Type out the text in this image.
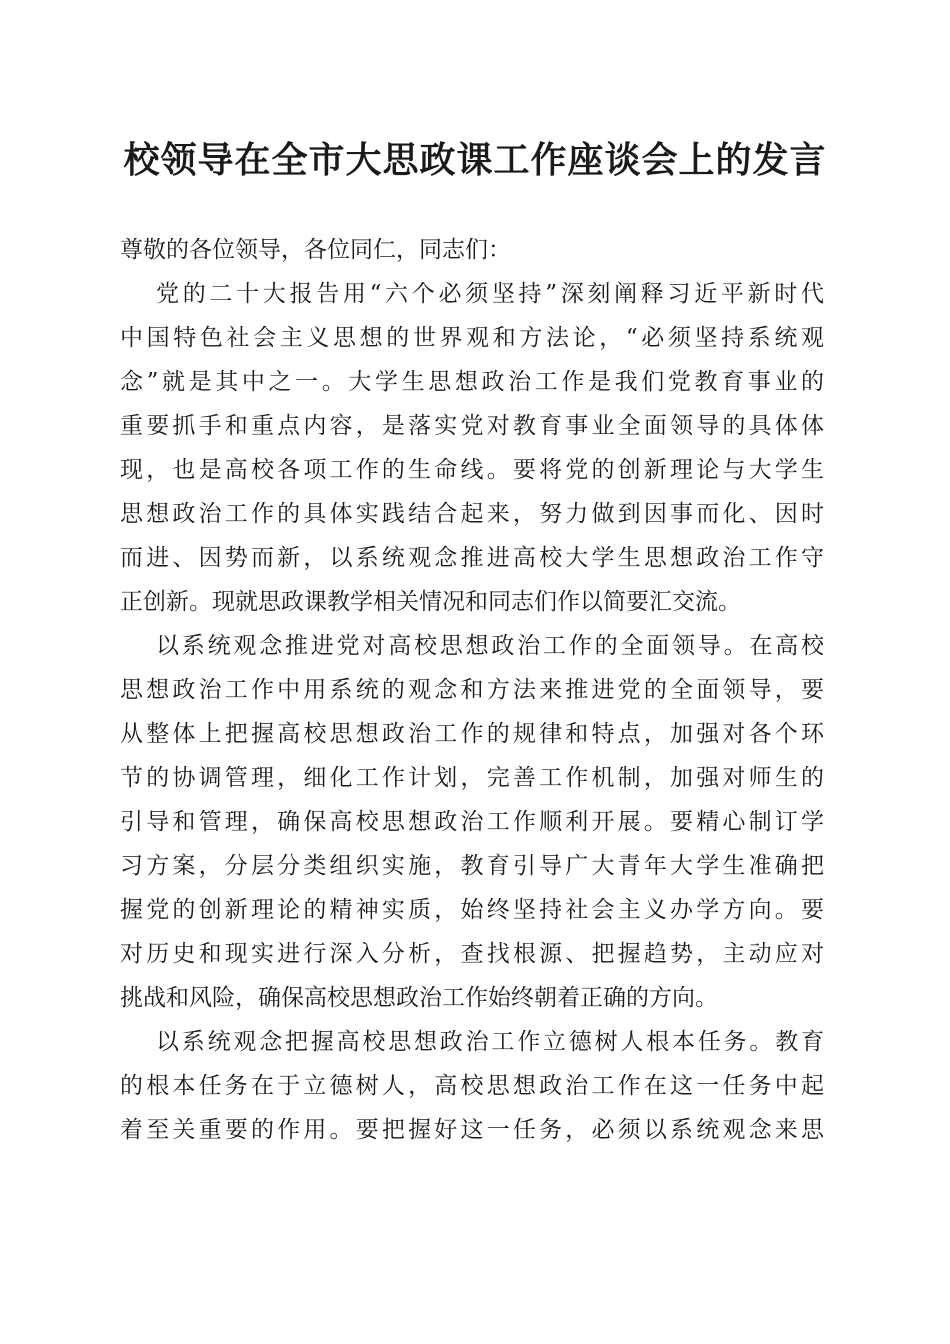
校领导在全市大思政课工作座谈会上的发言
尊敬的各位领导，各位同仁，同志们：
党的二十大报告用“六个必须坚持”深刻阐释习近平新时代
中国特色社会主义思想的世界观和方法论，“必须坚持系统观
念”就是其中之一。大学生思想政治工作是我们党教育事业的
重要抓手和重点内容，是落实党对教育事业全面领导的具体体
现，也是高校各项工作的生命线。要将党的创新理论与大学生
思想政治工作的具体实践结合起来，努力做到因事而化、因时
而进、因势而新，以系统观念推进高校大学生思想政治工作守
正创新。现就思政课教学相关情况和同志们作以简要汇交流。
以系统观念推进党对高校思想政治工作的全面领导。在高校
思想政治工作中用系统的观念和方法来推进党的全面领导，要
从整体上把握高校思想政治工作的规律和特点，加强对各个环
节的协调管理，细化工作计划，完善工作机制，加强对师生的
引导和管理，确保高校思想政治工作顺利开展。要精心制订学
习方案，分层分类组织实施，教育引导广大青年大学生准确把
握党的创新理论的精神实质，始终坚持社会主义办学方向。要
对历史和现实进行深入分析，查找根源、把握趋势，主动应对
挑战和风险，确保高校思想政治工作始终朝着正确的方向。
以系统观念把握高校思想政治工作立德树人根本任务。教育
的根本任务在于立德树人，高校思想政治工作在这一任务中起
着至关重要的作用。要把握好这一任务，必须以系统观念来思
